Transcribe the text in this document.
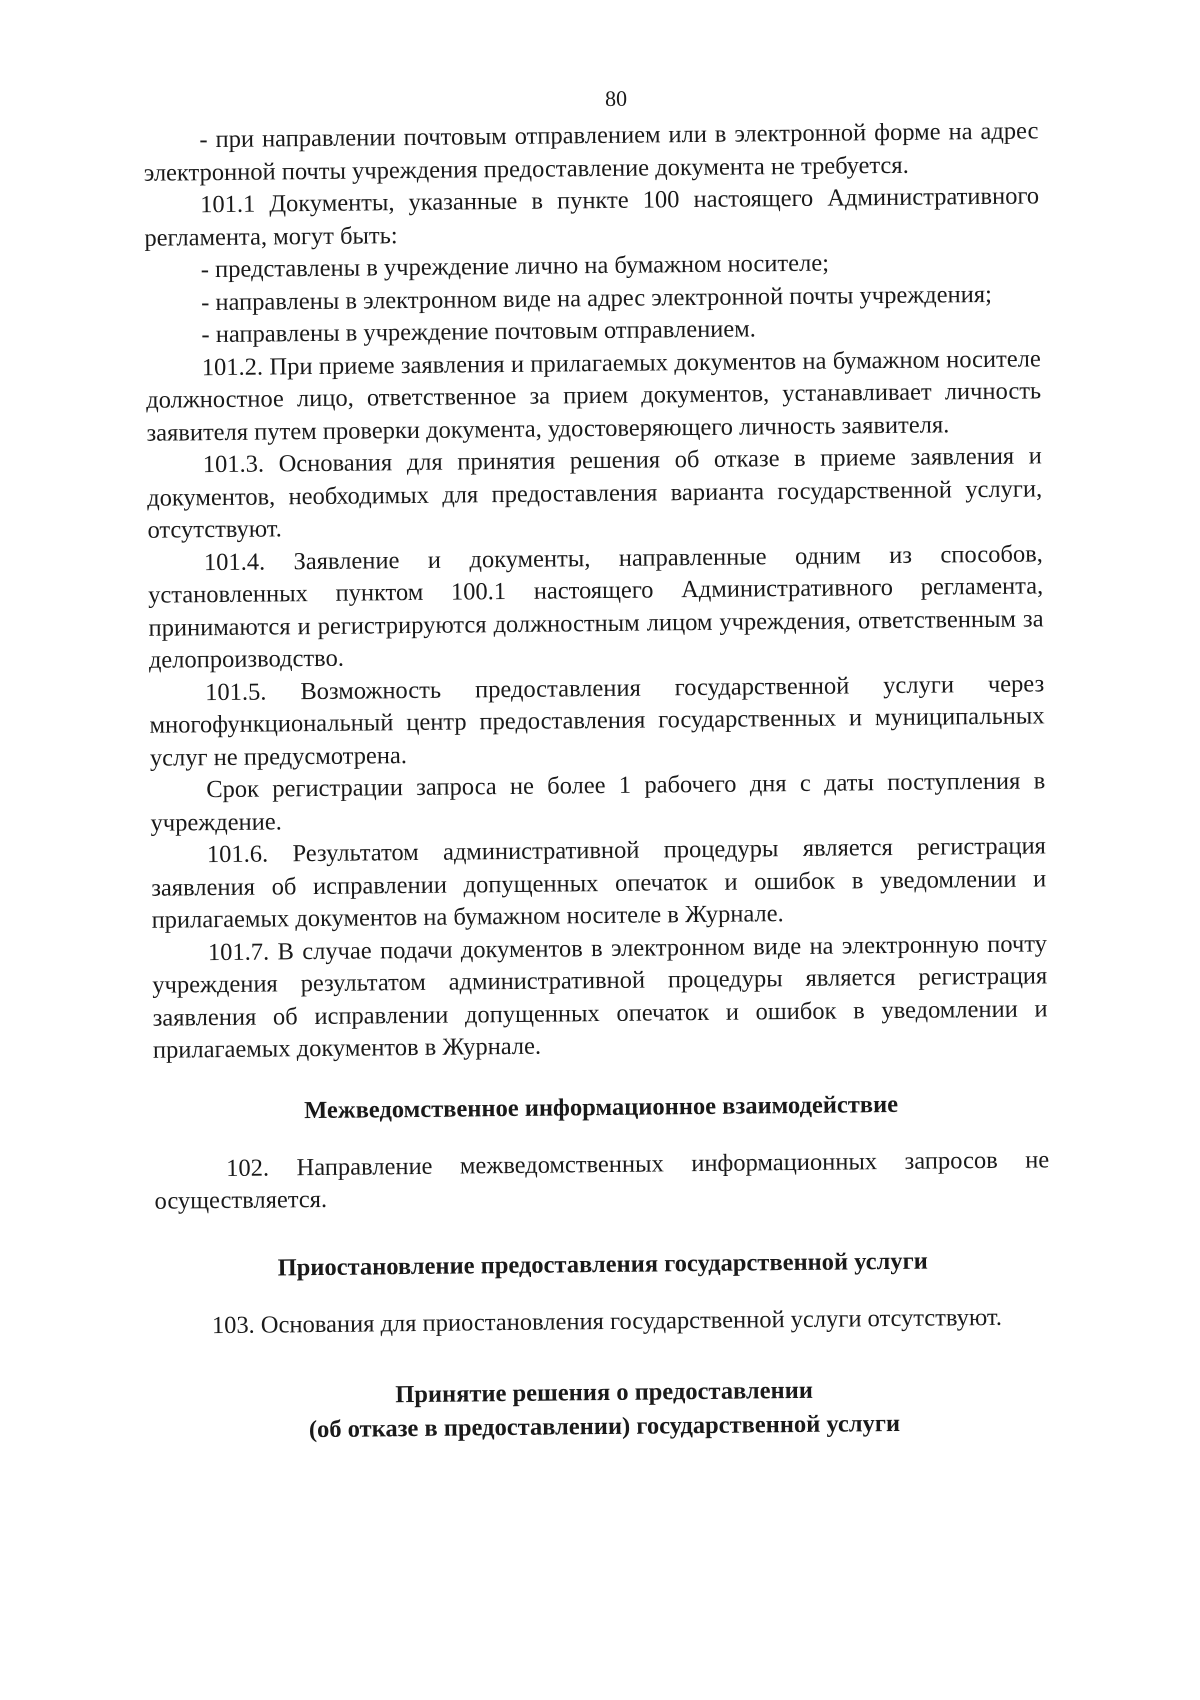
80

- при направлении почтовым отправлением или в электронной форме на адрес электронной почты учреждения предоставление документа не требуется.

101.1 Документы, указанные в пункте 100 настоящего Административного регламента, могут быть:

- представлены в учреждение лично на бумажном носителе;

- направлены в электронном виде на адрес электронной почты учреждения;

- направлены в учреждение почтовым отправлением.

101.2. При приеме заявления и прилагаемых документов на бумажном носителе должностное лицо, ответственное за прием документов, устанавливает личность заявителя путем проверки документа, удостоверяющего личность заявителя.

101.3. Основания для принятия решения об отказе в приеме заявления и документов, необходимых для предоставления варианта государственной услуги, отсутствуют.

101.4. Заявление и документы, направленные одним из способов, установленных пунктом 100.1 настоящего Административного регламента, принимаются и регистрируются должностным лицом учреждения, ответственным за делопроизводство.

101.5. Возможность предоставления государственной услуги через многофункциональный центр предоставления государственных и муниципальных услуг не предусмотрена.

Срок регистрации запроса не более 1 рабочего дня с даты поступления в учреждение.

101.6. Результатом административной процедуры является регистрация заявления об исправлении допущенных опечаток и ошибок в уведомлении и прилагаемых документов на бумажном носителе в Журнале.

101.7. В случае подачи документов в электронном виде на электронную почту учреждения результатом административной процедуры является регистрация заявления об исправлении допущенных опечаток и ошибок в уведомлении и прилагаемых документов в Журнале.

Межведомственное информационное взаимодействие

102. Направление межведомственных информационных запросов не осуществляется.

Приостановление предоставления государственной услуги

103. Основания для приостановления государственной услуги отсутствуют.

Принятие решения о предоставлении
(об отказе в предоставлении) государственной услуги
